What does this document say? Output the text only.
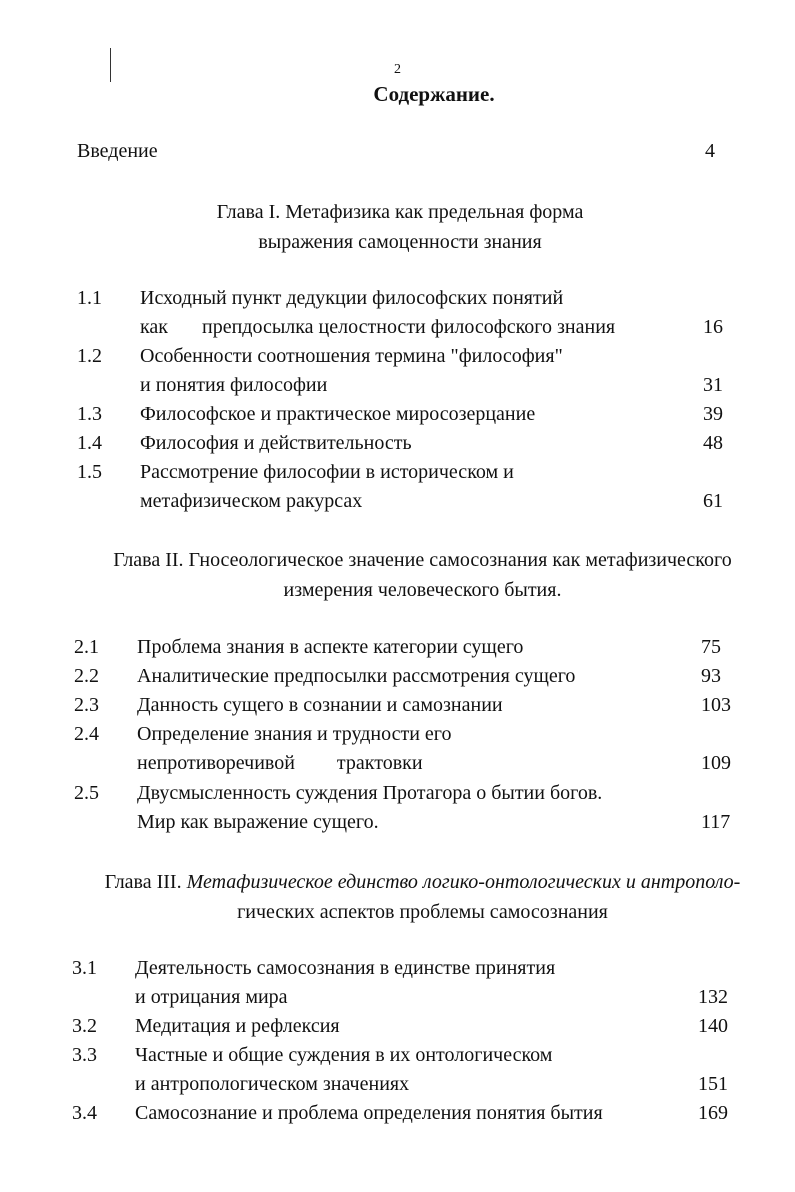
2
Содержание.
Введение	4
Глава I. Метафизика как предельная форма
выражения самоценности знания
1.1 Исходный пункт дедукции философских понятий
как препдосылка целостности философского знания	16
1.2 Особенности соотношения термина "философия"
и понятия философии	31
1.3 Философское и практическое миросозерцание	39
1.4 Философия и действительность	48
1.5 Рассмотрение философии в историческом и
метафизическом ракурсах	61
Глава II. Гносеологическое значение самосознания как метафизического
измерения человеческого бытия.
2.1 Проблема знания в аспекте категории сущего	75
2.2 Аналитические предпосылки рассмотрения сущего	93
2.3 Данность сущего в сознании и самознании	103
2.4 Определение знания и трудности его
непротиворечивой трактовки	109
2.5 Двусмысленность суждения Протагора о бытии богов.
Мир как выражение сущего.	117
Глава III. Метафизическое единство логико-онтологических и антрополо-
гических аспектов проблемы самосознания
3.1 Деятельность самосознания в единстве принятия
и отрицания мира	132
3.2 Медитация и рефлексия	140
3.3 Частные и общие суждения в их онтологическом
и антропологическом значениях	151
3.4 Самосознание и проблема определения понятия бытия	169
